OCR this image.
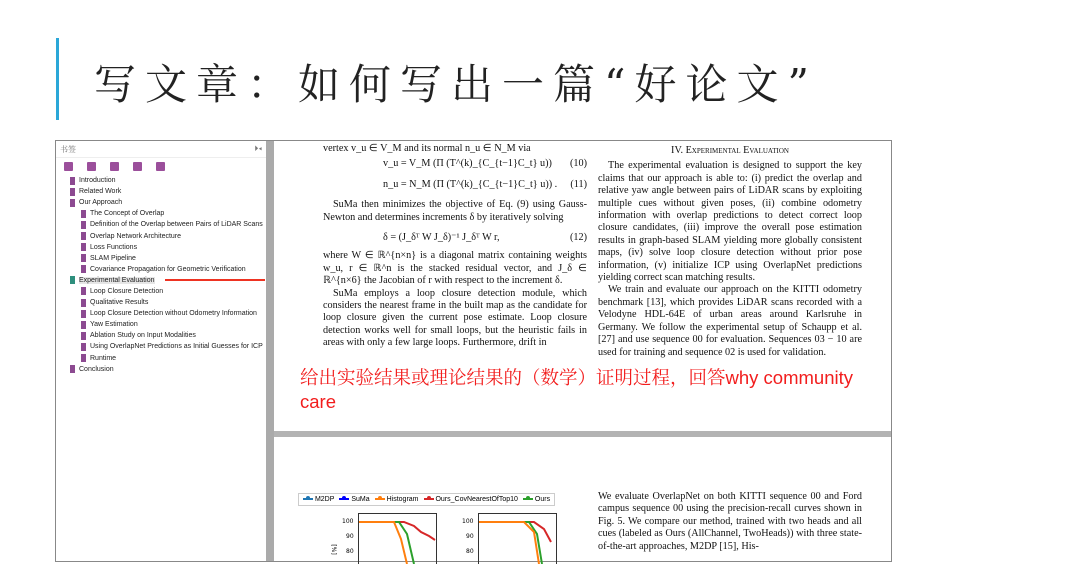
写文章：如何写出一篇“好论文”
书签	⏵◂
Introduction
Related Work
Our Approach
The Concept of Overlap
Definition of the Overlap between Pairs of LiDAR Scans
Overlap Network Architecture
Loss Functions
SLAM Pipeline
Covariance Propagation for Geometric Verification
Experimental Evaluation
Loop Closure Detection
Qualitative Results
Loop Closure Detection without Odometry Information
Yaw Estimation
Ablation Study on Input Modalities
Using OverlapNet Predictions as Initial Guesses for ICP
Runtime
Conclusion
vertex v_u ∈ V_M and its normal n_u ∈ N_M via
v_u = V_M (Π (T^(k)_{C_{t−1}C_t} u)) (10)
n_u = N_M (Π (T^(k)_{C_{t−1}C_t} u)) . (11)
SuMa then minimizes the objective of Eq. (9) using Gauss-Newton and determines increments δ by iteratively solving
δ = (J_δᵀ W J_δ)⁻¹ J_δᵀ W r,	(12)
where W ∈ ℝ^{n×n} is a diagonal matrix containing weights w_u, r ∈ ℝ^n is the stacked residual vector, and J_δ ∈ ℝ^{n×6} the Jacobian of r with respect to the increment δ.
SuMa employs a loop closure detection module, which considers the nearest frame in the built map as the candidate for loop closure given the current pose estimate. Loop closure detection works well for small loops, but the heuristic fails in areas with only a few large loops. Furthermore, drift in
IV. Experimental Evaluation
The experimental evaluation is designed to support the key claims that our approach is able to: (i) predict the overlap and relative yaw angle between pairs of LiDAR scans by exploiting multiple cues without given poses, (ii) combine odometry information with overlap predictions to detect correct loop closure candidates, (iii) improve the overall pose estimation results in graph-based SLAM yielding more globally consistent maps, (iv) solve loop closure detection without prior pose information, (v) initialize ICP using OverlapNet predictions yielding correct scan matching results.
We train and evaluate our approach on the KITTI odometry benchmark [13], which provides LiDAR scans recorded with a Velodyne HDL-64E of urban areas around Karlsruhe in Germany. We follow the experimental setup of Schaupp et al. [27] and use sequence 00 for evaluation. Sequences 03 − 10 are used for training and sequence 02 is used for validation.
We evaluate OverlapNet on both KITTI sequence 00 and Ford campus sequence 00 using the precision-recall curves shown in Fig. 5. We compare our method, trained with two heads and all cues (labeled as Ours (AllChannel, TwoHeads)) with three state-of-the-art approaches, M2DP [15], His-
M2DP	SuMa	Histogram	Ours_CovNearestOfTop10	Ours
100
90
80
[%]
100
90
80
给出实验结果或理论结果的（数学）证明过程，回答why community care
